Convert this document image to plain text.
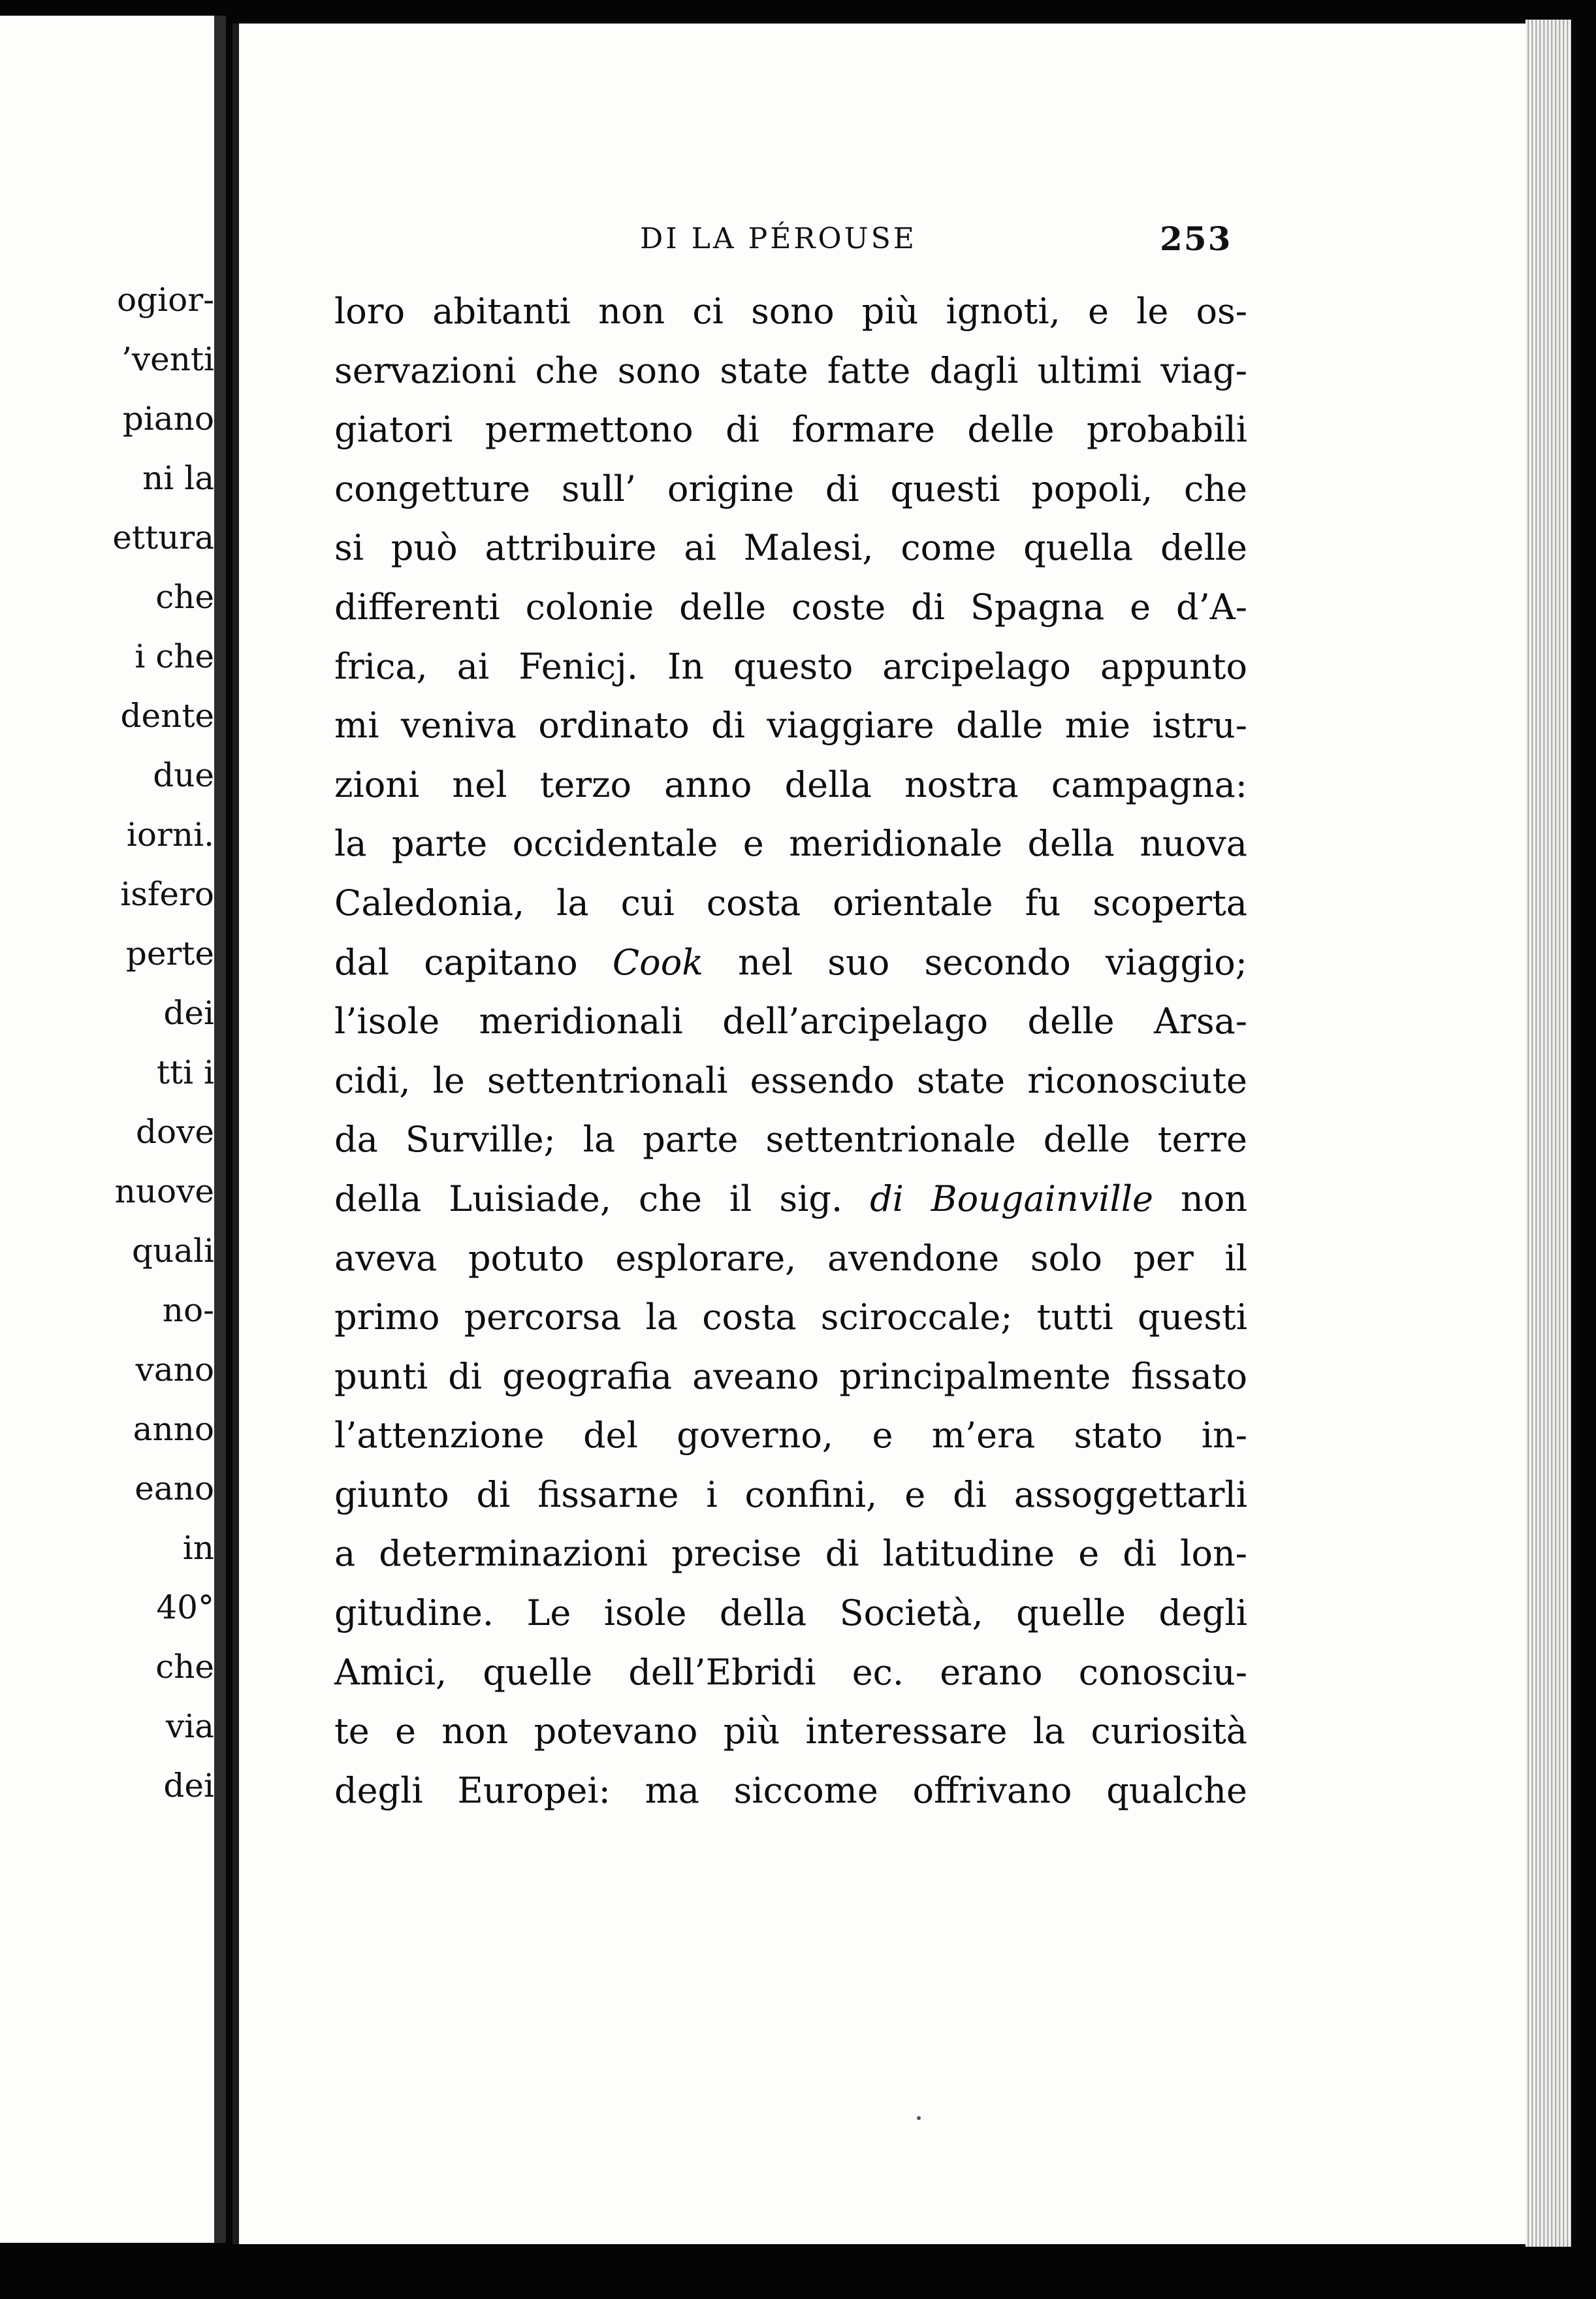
ogior-
’venti
piano
ni la
ettura
che
i che
dente
due
iorni.
isfero
perte
dei
tti i
dove
nuove
quali
no-
vano
anno
eano
in
40°
che
via
dei
DI LA PÉROUSE	253
loro abitanti non ci sono più ignoti, e le os-
servazioni che sono state fatte dagli ultimi viag-
giatori permettono di formare delle probabili
congetture sull’ origine di questi popoli, che
si può attribuire ai Malesi, come quella delle
differenti colonie delle coste di Spagna e d’A-
frica, ai Fenicj. In questo arcipelago appunto
mi veniva ordinato di viaggiare dalle mie istru-
zioni nel terzo anno della nostra campagna:
la parte occidentale e meridionale della nuova
Caledonia, la cui costa orientale fu scoperta
dal capitano Cook nel suo secondo viaggio;
l’isole meridionali dell’arcipelago delle Arsa-
cidi, le settentrionali essendo state riconosciute
da Surville; la parte settentrionale delle terre
della Luisiade, che il sig. di Bougainville non
aveva potuto esplorare, avendone solo per il
primo percorsa la costa sciroccale; tutti questi
punti di geografia aveano principalmente fissato
l’attenzione del governo, e m’era stato in-
giunto di fissarne i confini, e di assoggettarli
a determinazioni precise di latitudine e di lon-
gitudine. Le isole della Società, quelle degli
Amici, quelle dell’Ebridi ec. erano conosciu-
te e non potevano più interessare la curiosità
degli Europei: ma siccome offrivano qualche
